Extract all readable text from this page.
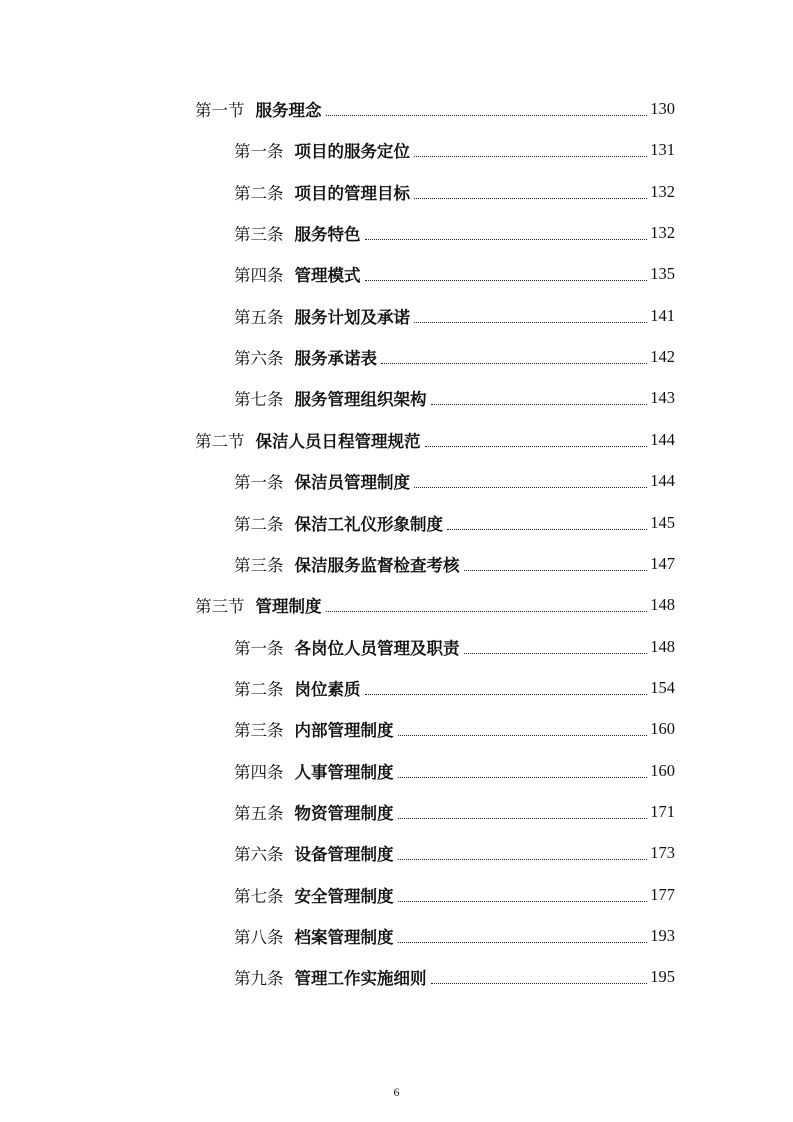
第一节 服务理念	130
第一条 项目的服务定位	131
第二条 项目的管理目标	132
第三条 服务特色	132
第四条 管理模式	135
第五条 服务计划及承诺	141
第六条 服务承诺表	142
第七条 服务管理组织架构	143
第二节 保洁人员日程管理规范	144
第一条 保洁员管理制度	144
第二条 保洁工礼仪形象制度	145
第三条 保洁服务监督检查考核	147
第三节 管理制度	148
第一条 各岗位人员管理及职责	148
第二条 岗位素质	154
第三条 内部管理制度	160
第四条 人事管理制度	160
第五条 物资管理制度	171
第六条 设备管理制度	173
第七条 安全管理制度	177
第八条 档案管理制度	193
第九条 管理工作实施细则	195
6
